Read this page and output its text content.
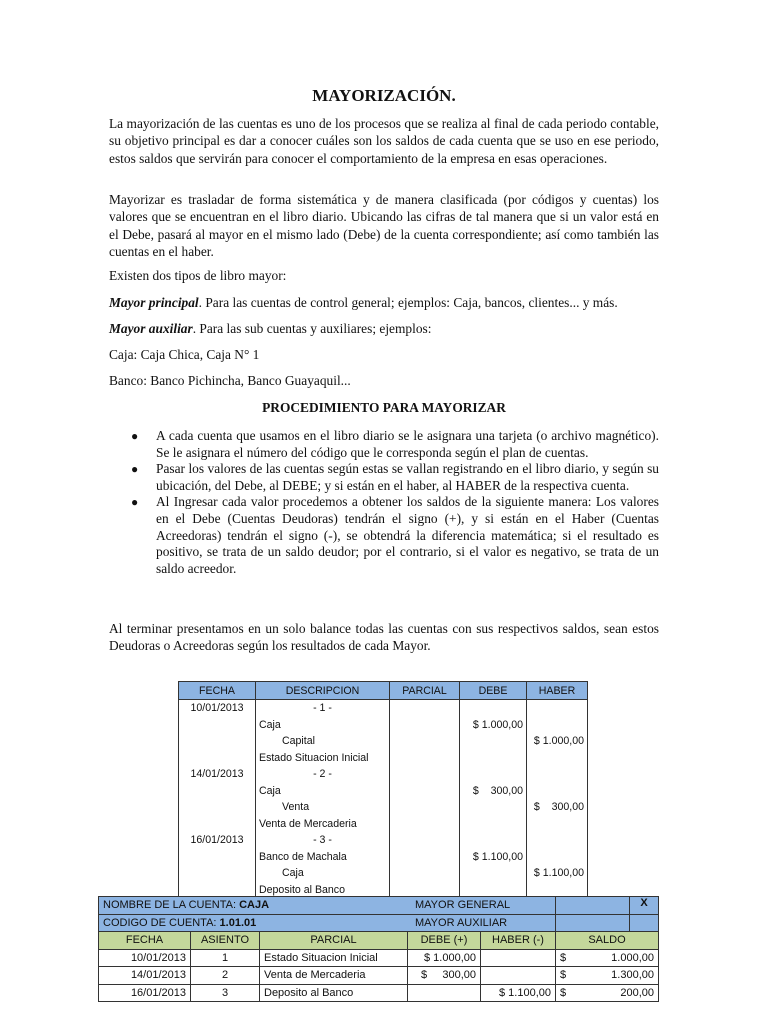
MAYORIZACIÓN.

La mayorización de las cuentas es uno de los procesos que se realiza al final de cada periodo contable, su objetivo principal es dar a conocer cuáles son los saldos de cada cuenta que se uso en ese periodo, estos saldos que servirán para conocer el comportamiento de la empresa en esas operaciones.

Mayorizar es trasladar de forma sistemática y de manera clasificada (por códigos y cuentas) los valores que se encuentran en el libro diario. Ubicando las cifras de tal manera que si un valor está en el Debe, pasará al mayor en el mismo lado (Debe) de la cuenta correspondiente; así como también las cuentas en el haber.

Existen dos tipos de libro mayor:

Mayor principal. Para las cuentas de control general; ejemplos: Caja, bancos, clientes... y más.

Mayor auxiliar. Para las sub cuentas y auxiliares; ejemplos:

Caja: Caja Chica, Caja N° 1

Banco: Banco Pichincha, Banco Guayaquil...

PROCEDIMIENTO PARA MAYORIZAR
● A cada cuenta que usamos en el libro diario se le asignara una tarjeta (o archivo magnético). Se le asignara el número del código que le corresponda según el plan de cuentas.
● Pasar los valores de las cuentas según estas se vallan registrando en el libro diario, y según su ubicación, del Debe, al DEBE; y si están en el haber, al HABER de la respectiva cuenta.
● Al Ingresar cada valor procedemos a obtener los saldos de la siguiente manera: Los valores en el Debe (Cuentas Deudoras) tendrán el signo (+), y si están en el Haber (Cuentas Acreedoras) tendrán el signo (-), se obtendrá la diferencia matemática; si el resultado es positivo, se trata de un saldo deudor; por el contrario, si el valor es negativo, se trata de un saldo acreedor.

Al terminar presentamos en un solo balance todas las cuentas con sus respectivos saldos, sean estos Deudoras o Acreedoras según los resultados de cada Mayor.

FECHA	DESCRIPCION	PARCIAL	DEBE	HABER
10/01/2013	- 1 -			
	Caja		$ 1.000,00	
	Capital			$ 1.000,00
	Estado Situacion Inicial			
14/01/2013	- 2 -			
	Caja		$    300,00	
	Venta			$    300,00
	Venta de Mercaderia			
16/01/2013	- 3 -			
	Banco de Machala		$ 1.100,00	
	Caja			$ 1.100,00
	Deposito al Banco			
NOMBRE DE LA CUENTA: CAJA			MAYOR GENERAL		X

CODIGO DE CUENTA: 1.01.01			MAYOR AUXILIAR		

FECHA	ASIENTO	PARCIAL	DEBE (+)	HABER (-)	SALDO
10/01/2013	1	Estado Situacion Inicial	$ 1.000,00		$ 1.000,00

14/01/2013	2	Venta de Mercaderia	$     300,00		$ 1.300,00

16/01/2013	3	Deposito al Banco		$ 1.100,00	$ 200,00
